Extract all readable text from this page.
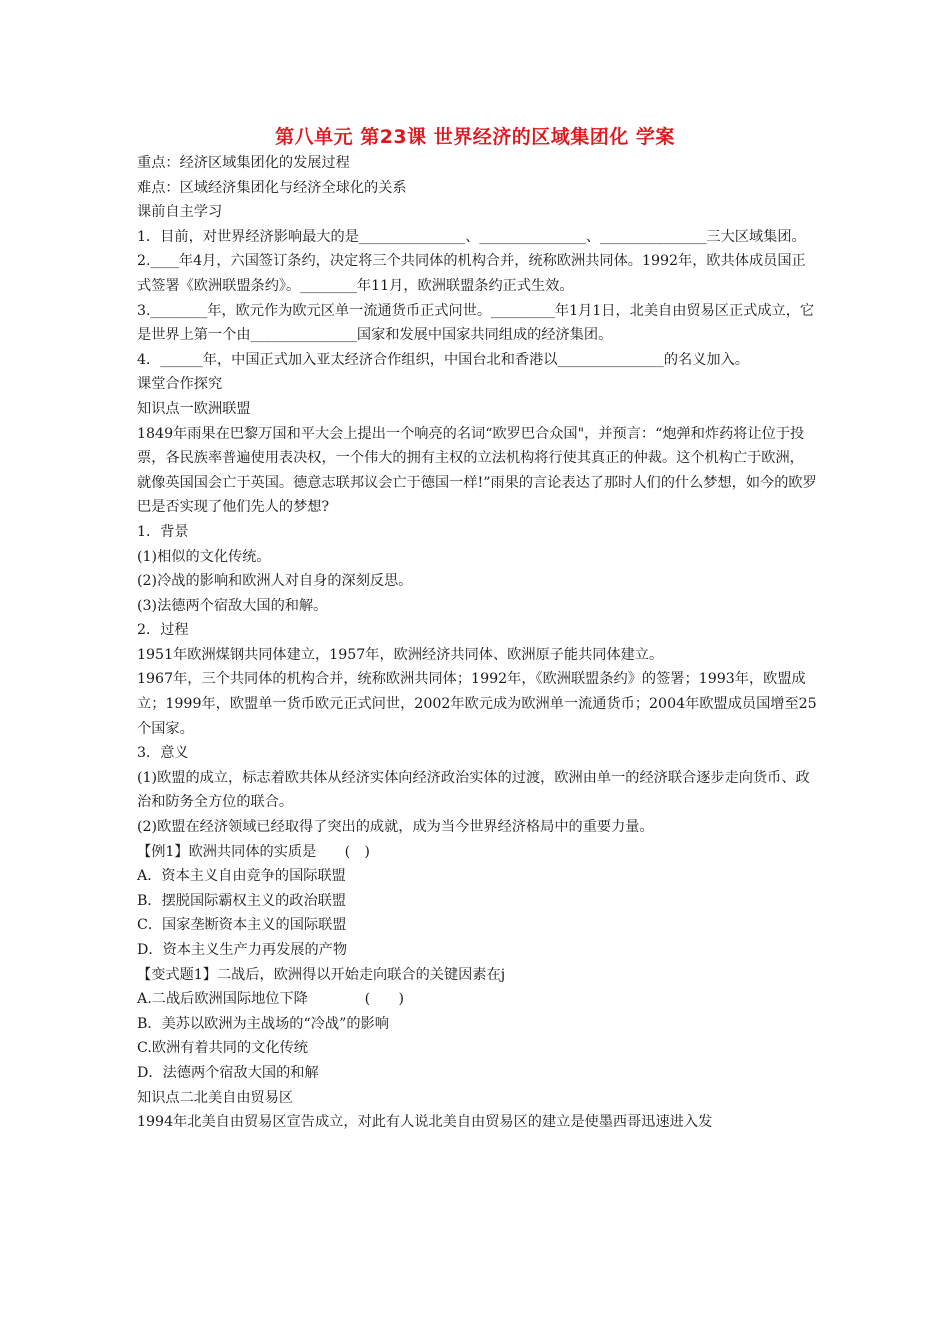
第八单元 第23课 世界经济的区域集团化 学案

重点：经济区域集团化的发展过程

难点：区域经济集团化与经济全球化的关系

课前自主学习

1．目前，对世界经济影响最大的是_______________、_______________、_______________三大区域集团。

2.____年4月，六国签订条约，决定将三个共同体的机构合并，统称欧洲共同体。1992年，欧共体成员国正式签署《欧洲联盟条约》。________年11月，欧洲联盟条约正式生效。

3.________年，欧元作为欧元区单一流通货币正式问世。_________年1月1日，北美自由贸易区正式成立，它是世界上第一个由_______________国家和发展中国家共同组成的经济集团。

4．______年，中国正式加入亚太经济合作组织，中国台北和香港以_______________的名义加入。

课堂合作探究

知识点一欧洲联盟

1849年雨果在巴黎万国和平大会上提出一个响亮的名词“欧罗巴合众国"，并预言：“炮弹和炸药将让位于投票，各民族率普遍使用表决权，一个伟大的拥有主权的立法机构将行使其真正的仲裁。这个机构亡于欧洲，就像英国国会亡于英国。德意志联邦议会亡于德国一样!”雨果的言论表达了那时人们的什么梦想，如今的欧罗巴是否实现了他们先人的梦想?

1．背景

(1)相似的文化传统。

(2)冷战的影响和欧洲人对自身的深刻反思。

(3)法德两个宿敌大国的和解。

2．过程

1951年欧洲煤钢共同体建立，1957年，欧洲经济共同体、欧洲原子能共同体建立。

1967年，三个共同体的机构合并，统称欧洲共同体；1992年，《欧洲联盟条约》的签署；1993年，欧盟成立；1999年，欧盟单一货币欧元正式问世，2002年欧元成为欧洲单一流通货币；2004年欧盟成员国增至25个国家。

3．意义

(1)欧盟的成立，标志着欧共体从经济实体向经济政治实体的过渡，欧洲由单一的经济联合逐步走向货币、政治和防务全方位的联合。

(2)欧盟在经济领域已经取得了突出的成就，成为当今世界经济格局中的重要力量。

【例1】欧洲共同体的实质是　　(　)

A．资本主义自由竞争的国际联盟

B．摆脱国际霸权主义的政治联盟

C．国家垄断资本主义的国际联盟

D．资本主义生产力再发展的产物

【变式题1】二战后，欧洲得以开始走向联合的关键因素在j

A.二战后欧洲国际地位下降　　　　(　　)

B．美苏以欧洲为主战场的“冷战”的影响

C.欧洲有着共同的文化传统

D．法德两个宿敌大国的和解

知识点二北美自由贸易区

1994年北美自由贸易区宣告成立，对此有人说北美自由贸易区的建立是使墨西哥迅速进入发
